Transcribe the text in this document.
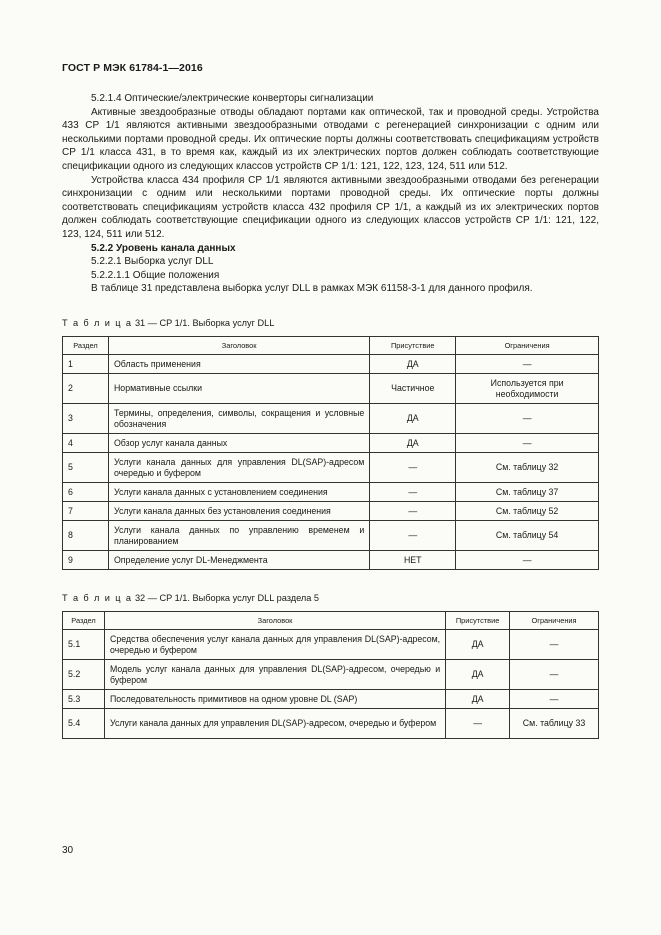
ГОСТ Р МЭК 61784-1—2016

5.2.1.4 Оптические/электрические конверторы сигнализации

Активные звездообразные отводы обладают портами как оптической, так и проводной среды. Устройства 433 СР 1/1 являются активными звездообразными отводами с регенерацией синхронизации с одним или несколькими портами проводной среды. Их оптические порты должны соответствовать спецификациям устройств СР 1/1 класса 431, в то время как, каждый из их электрических портов должен соблюдать соответствующие спецификации одного из следующих классов устройств СР 1/1: 121, 122, 123, 124, 511 или 512.

Устройства класса 434 профиля СР 1/1 являются активными звездообразными отводами без регенерации синхронизации с одним или несколькими портами проводной среды. Их оптические порты должны соответствовать спецификациям устройств класса 432 профиля СР 1/1, а каждый из их электрических портов должен соблюдать соответствующие спецификации одного из следующих классов устройств СР 1/1: 121, 122, 123, 124, 511 или 512.

5.2.2 Уровень канала данных

5.2.2.1 Выборка услуг DLL

5.2.2.1.1 Общие положения

В таблице 31 представлена выборка услуг DLL в рамках МЭК 61158-3-1 для данного профиля.

Т а б л и ц а 31 — CP 1/1. Выборка услуг DLL
Раздел	Заголовок	Присутствие	Ограничения
1	Область применения	ДА	—
2	Нормативные ссылки	Частичное	Используется при необходимости
3	Термины, определения, символы, сокращения и условные обозначения	ДА	—
4	Обзор услуг канала данных	ДА	—
5	Услуги канала данных для управления DL(SAP)-адресом очередью и буфером	—	См. таблицу 32
6	Услуги канала данных с установлением соединения	—	См. таблицу 37
7	Услуги канала данных без установления соединения	—	См. таблицу 52
8	Услуги канала данных по управлению временем и планированием	—	См. таблицу 54
9	Определение услуг DL-Менеджмента	НЕТ	—
Т а б л и ц а 32 — CP 1/1. Выборка услуг DLL раздела 5
Раздел	Заголовок	Присутствие	Ограничения
5.1	Средства обеспечения услуг канала данных для управления DL(SAP)-адресом, очередью и буфером	ДА	—
5.2	Модель услуг канала данных для управления DL(SAP)-адресом, очередью и буфером	ДА	—
5.3	Последовательность примитивов на одном уровне DL (SAP)	ДА	—
5.4	Услуги канала данных для управления DL(SAP)-адресом, очередью и буфером	—	См. таблицу 33
30
